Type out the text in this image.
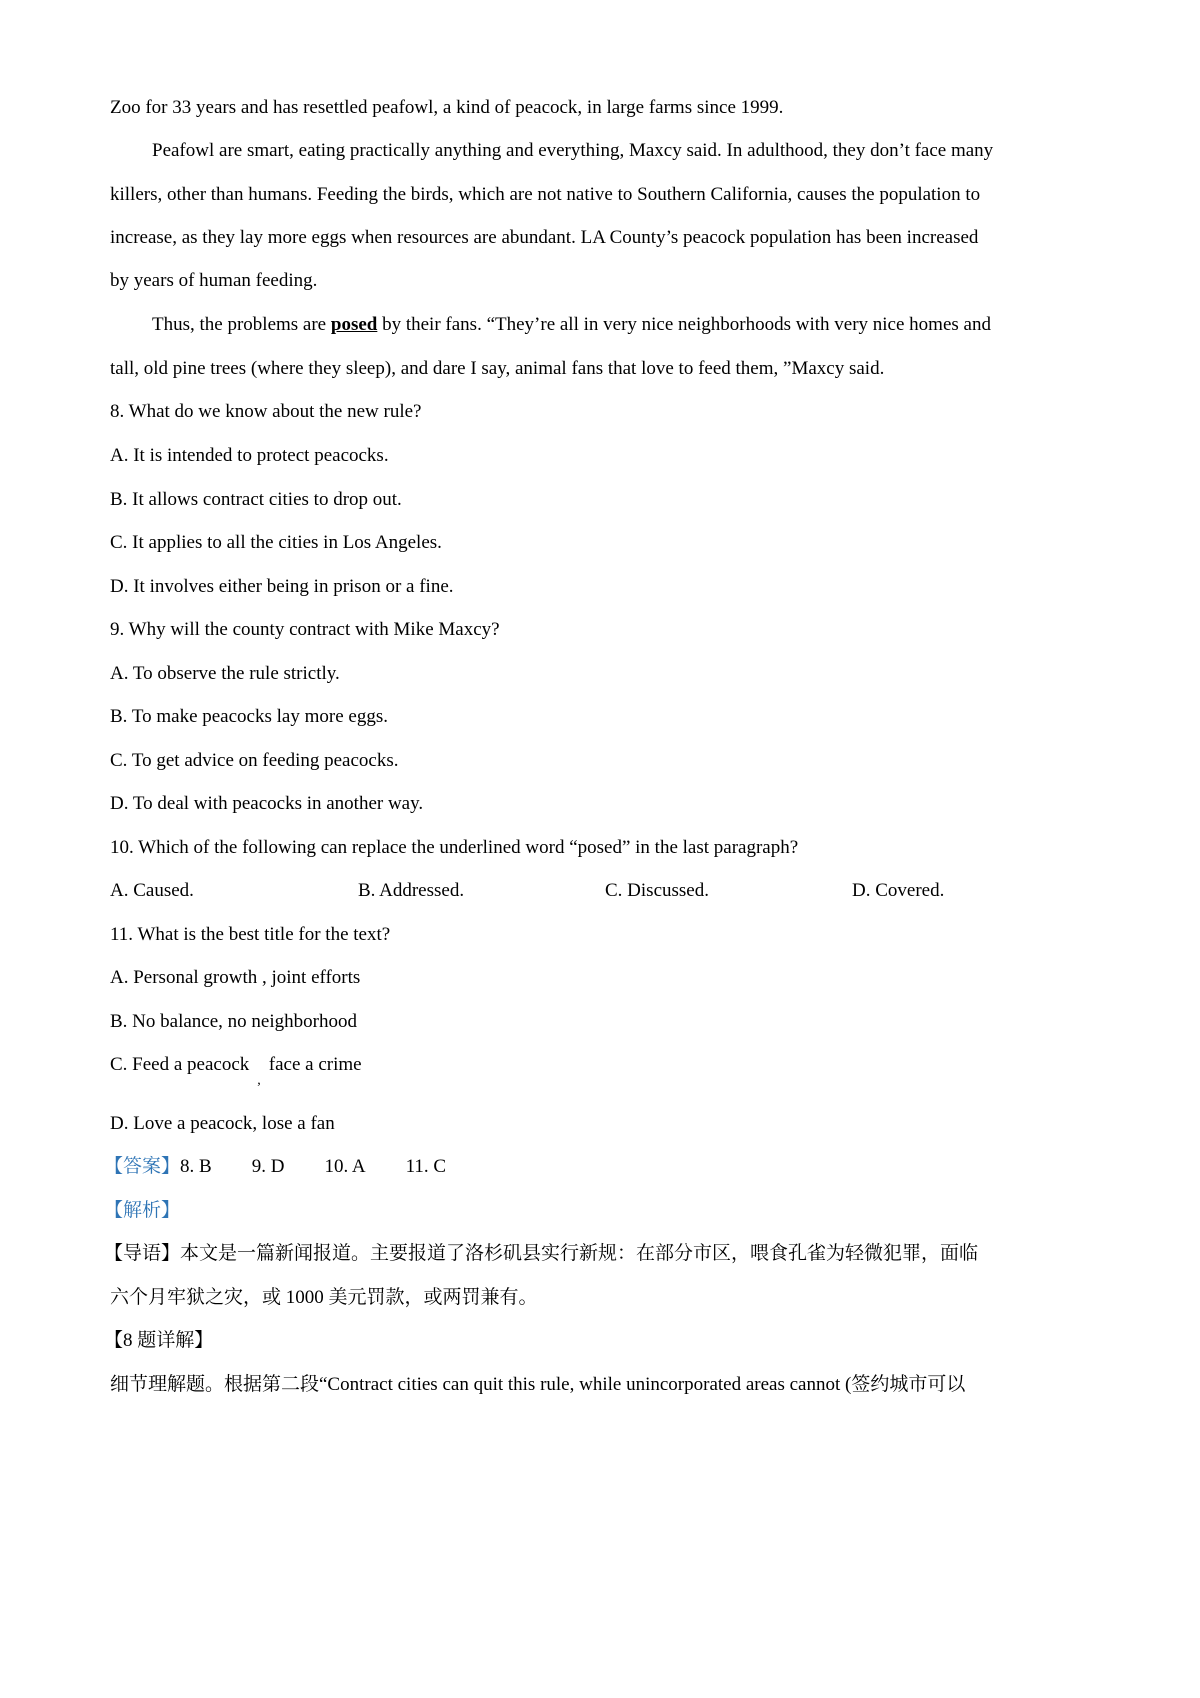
Zoo for 33 years and has resettled peafowl, a kind of peacock, in large farms since 1999.
Peafowl are smart, eating practically anything and everything, Maxcy said. In adulthood, they don’t face many
killers, other than humans. Feeding the birds, which are not native to Southern California, causes the population to
increase, as they lay more eggs when resources are abundant. LA County’s peacock population has been increased
by years of human feeding.
Thus, the problems are posed by their fans. “They’re all in very nice neighborhoods with very nice homes and
tall, old pine trees (where they sleep), and dare I say, animal fans that love to feed them, ”Maxcy said.
8. What do we know about the new rule?
A. It is intended to protect peacocks.
B. It allows contract cities to drop out.
C. It applies to all the cities in Los Angeles.
D. It involves either being in prison or a fine.
9. Why will the county contract with Mike Maxcy?
A. To observe the rule strictly.
B. To make peacocks lay more eggs.
C. To get advice on feeding peacocks.
D. To deal with peacocks in another way.
10. Which of the following can replace the underlined word “posed” in the last paragraph?
A. Caused.	B. Addressed.	C. Discussed.	D. Covered.
11. What is the best title for the text?
A. Personal growth , joint efforts
B. No balance, no neighborhood
C. Feed a peacock$_,$face a crime
D. Love a peacock, lose a fan
【答案】8. B 9. D 10. A 11. C
【解析】
【导语】本文是一篇新闻报道。主要报道了洛杉矶县实行新规：在部分市区，喂食孔雀为轻微犯罪，面临
六个月牢狱之灾，或 1000 美元罚款，或两罚兼有。
【8 题详解】
细节理解题。根据第二段“Contract cities can quit this rule, while unincorporated areas cannot (签约城市可以
